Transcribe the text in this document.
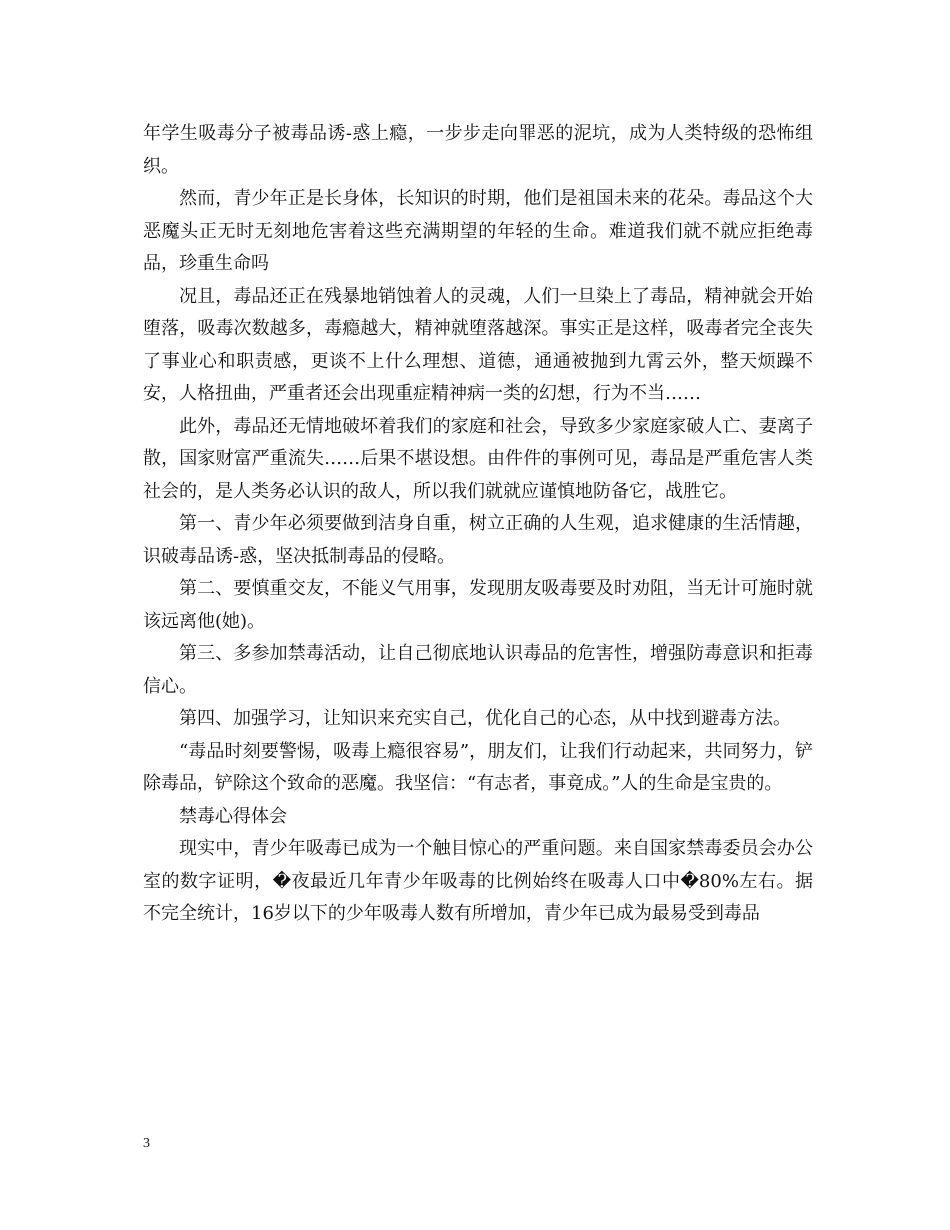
年学生吸毒分子被毒品诱-惑上瘾，一步步走向罪恶的泥坑，成为人类特级的恐怖组织。

然而，青少年正是长身体，长知识的时期，他们是祖国未来的花朵。毒品这个大恶魔头正无时无刻地危害着这些充满期望的年轻的生命。难道我们就不就应拒绝毒品，珍重生命吗

况且，毒品还正在残暴地销蚀着人的灵魂，人们一旦染上了毒品，精神就会开始堕落，吸毒次数越多，毒瘾越大，精神就堕落越深。事实正是这样，吸毒者完全丧失了事业心和职责感，更谈不上什么理想、道德，通通被抛到九霄云外，整天烦躁不安，人格扭曲，严重者还会出现重症精神病一类的幻想，行为不当……

此外，毒品还无情地破坏着我们的家庭和社会，导致多少家庭家破人亡、妻离子散，国家财富严重流失……后果不堪设想。由件件的事例可见，毒品是严重危害人类社会的，是人类务必认识的敌人，所以我们就就应谨慎地防备它，战胜它。

第一、青少年必须要做到洁身自重，树立正确的人生观，追求健康的生活情趣，识破毒品诱-惑，坚决抵制毒品的侵略。

第二、要慎重交友，不能义气用事，发现朋友吸毒要及时劝阻，当无计可施时就该远离他(她)。

第三、多参加禁毒活动，让自己彻底地认识毒品的危害性，增强防毒意识和拒毒信心。

第四、加强学习，让知识来充实自己，优化自己的心态，从中找到避毒方法。

“毒品时刻要警惕，吸毒上瘾很容易”，朋友们，让我们行动起来，共同努力，铲除毒品，铲除这个致命的恶魔。我坚信：“有志者，事竟成。”人的生命是宝贵的。

禁毒心得体会

现实中，青少年吸毒已成为一个触目惊心的严重问题。来自国家禁毒委员会办公室的数字证明，�夜最近几年青少年吸毒的比例始终在吸毒人口中�80%左右。据不完全统计，16岁以下的少年吸毒人数有所增加，青少年已成为最易受到毒品

3
